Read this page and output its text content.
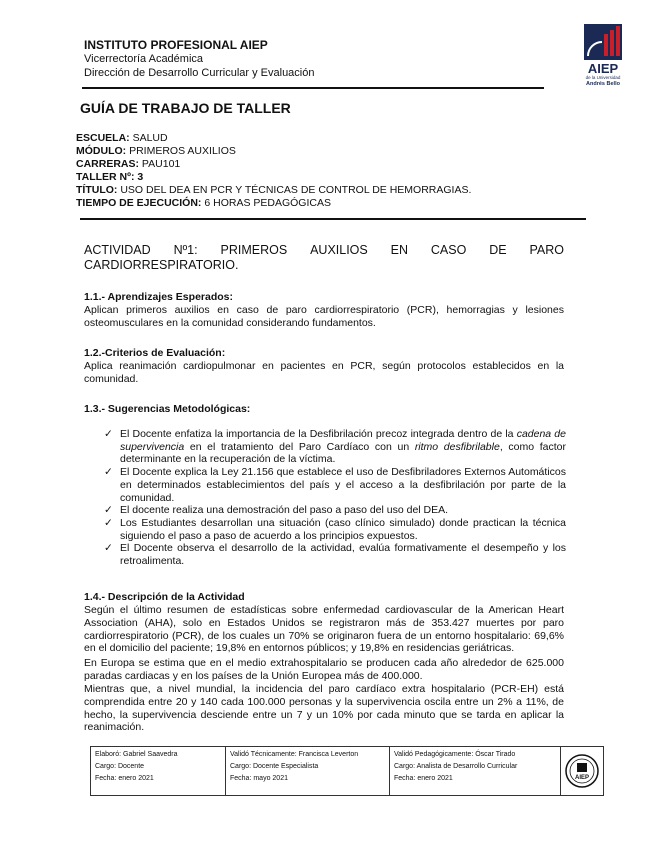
INSTITUTO PROFESIONAL AIEP
Vicerrectoría Académica
Dirección de Desarrollo Curricular y Evaluación	AIEP
de la Universidad
Andrés Bello
GUÍA DE TRABAJO DE TALLER
ESCUELA: SALUD
MÓDULO: PRIMEROS AUXILIOS
CARRERAS: PAU101
TALLER Nº: 3
TÍTULO: USO DEL DEA EN PCR Y TÉCNICAS DE CONTROL DE HEMORRAGIAS.
TIEMPO DE EJECUCIÓN: 6 HORAS PEDAGÓGICAS
ACTIVIDAD Nº1: PRIMEROS AUXILIOS EN CASO DE PARO
CARDIORRESPIRATORIO.
1.1.- Aprendizajes Esperados:
Aplican primeros auxilios en caso de paro cardiorrespiratorio (PCR), hemorragias y lesiones osteomusculares en la comunidad considerando fundamentos.
1.2.-Criterios de Evaluación:
Aplica reanimación cardiopulmonar en pacientes en PCR, según protocolos establecidos en la comunidad.
1.3.- Sugerencias Metodológicas:
✓ El Docente enfatiza la importancia de la Desfibrilación precoz integrada dentro de la cadena de supervivencia en el tratamiento del Paro Cardíaco con un ritmo desfibrilable, como factor determinante en la recuperación de la víctima.
✓ El Docente explica la Ley 21.156 que establece el uso de Desfibriladores Externos Automáticos en determinados establecimientos del país y el acceso a la desfibrilación por parte de la comunidad.
✓ El docente realiza una demostración del paso a paso del uso del DEA.
✓ Los Estudiantes desarrollan una situación (caso clínico simulado) donde practican la técnica siguiendo el paso a paso de acuerdo a los principios expuestos.
✓ El Docente observa el desarrollo de la actividad, evalúa formativamente el desempeño y los retroalimenta.
1.4.- Descripción de la Actividad
Según el último resumen de estadísticas sobre enfermedad cardiovascular de la American Heart Association (AHA), solo en Estados Unidos se registraron más de 353.427 muertes por paro cardiorrespiratorio (PCR), de los cuales un 70% se originaron fuera de un entorno hospitalario: 69,6% en el domicilio del paciente; 19,8% en entornos públicos; y 19,8% en residencias geriátricas.
En Europa se estima que en el medio extrahospitalario se producen cada año alrededor de 625.000 paradas cardiacas y en los países de la Unión Europea más de 400.000.
Mientras que, a nivel mundial, la incidencia del paro cardíaco extra hospitalario (PCR-EH) está comprendida entre 20 y 140 cada 100.000 personas y la supervivencia oscila entre un 2% a 11%, de hecho, la supervivencia desciende entre un 7 y un 10% por cada minuto que se tarda en aplicar la reanimación.
Elaboró: Gabriel Saavedra
Cargo: Docente
Fecha: enero 2021
Validó Técnicamente: Francisca Leverton
Cargo: Docente Especialista
Fecha: mayo 2021
Validó Pedagógicamente: Óscar Tirado
Cargo: Analista de Desarrollo Curricular
Fecha: enero 2021	AIEP
